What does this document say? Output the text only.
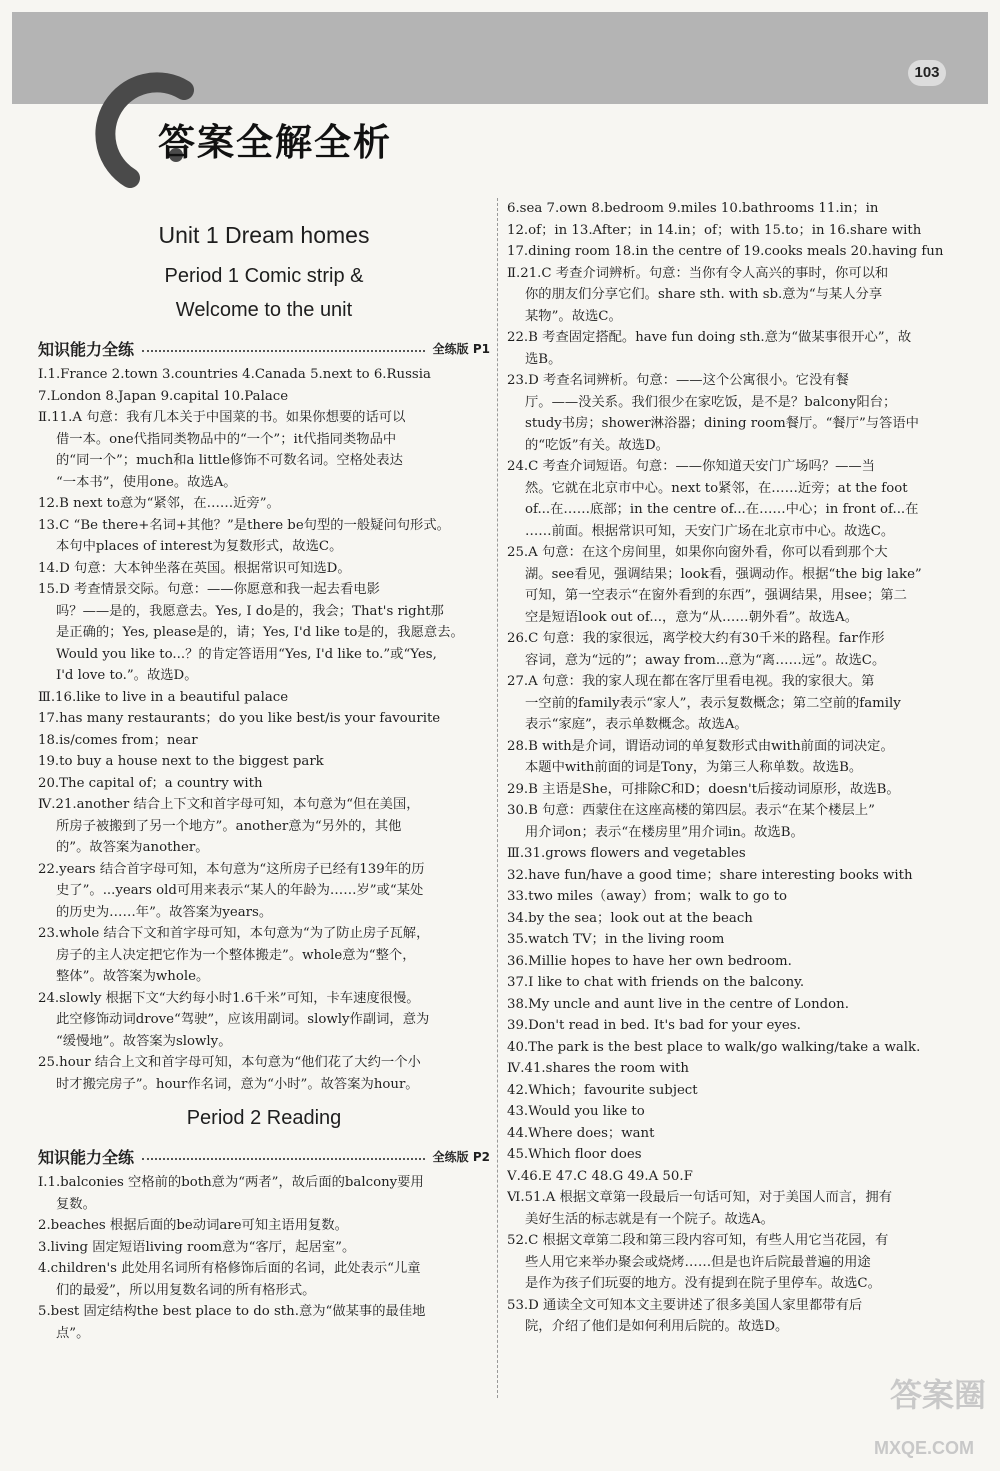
103
答案全解全析
Unit 1 Dream homes
Period 1 Comic strip &
Welcome to the unit
知识能力全练	全练版 P1
Ⅰ.1.France 2.town 3.countries 4.Canada 5.next to 6.Russia
7.London 8.Japan 9.capital 10.Palace
Ⅱ.11.A 句意：我有几本关于中国菜的书。如果你想要的话可以
借一本。one代指同类物品中的“一个”；it代指同类物品中
的“同一个”；much和a little修饰不可数名词。空格处表达
“一本书”，使用one。故选A。
12.B next to意为“紧邻，在……近旁”。
13.C “Be there+名词+其他？”是there be句型的一般疑问句形式。
本句中places of interest为复数形式，故选C。
14.D 句意：大本钟坐落在英国。根据常识可知选D。
15.D 考查情景交际。句意：——你愿意和我一起去看电影
吗？——是的，我愿意去。Yes, I do是的，我会；That's right那
是正确的；Yes, please是的，请；Yes, I'd like to是的，我愿意去。
Would you like to...？的肯定答语用“Yes, I'd like to.”或“Yes,
I'd love to.”。故选D。
Ⅲ.16.like to live in a beautiful palace
17.has many restaurants；do you like best/is your favourite
18.is/comes from；near
19.to buy a house next to the biggest park
20.The capital of；a country with
Ⅳ.21.another 结合上下文和首字母可知，本句意为“但在美国，
所房子被搬到了另一个地方”。another意为“另外的，其他
的”。故答案为another。
22.years 结合首字母可知，本句意为“这所房子已经有139年的历
史了”。...years old可用来表示“某人的年龄为……岁”或“某处
的历史为……年”。故答案为years。
23.whole 结合下文和首字母可知，本句意为“为了防止房子瓦解，
房子的主人决定把它作为一个整体搬走”。whole意为“整个，
整体”。故答案为whole。
24.slowly 根据下文“大约每小时1.6千米”可知，卡车速度很慢。
此空修饰动词drove“驾驶”，应该用副词。slowly作副词，意为
“缓慢地”。故答案为slowly。
25.hour 结合上文和首字母可知，本句意为“他们花了大约一个小
时才搬完房子”。hour作名词，意为“小时”。故答案为hour。
Period 2 Reading
知识能力全练	全练版 P2
Ⅰ.1.balconies 空格前的both意为“两者”，故后面的balcony要用
复数。
2.beaches 根据后面的be动词are可知主语用复数。
3.living 固定短语living room意为“客厅，起居室”。
4.children's 此处用名词所有格修饰后面的名词，此处表示“儿童
们的最爱”，所以用复数名词的所有格形式。
5.best 固定结构the best place to do sth.意为“做某事的最佳地
点”。
6.sea 7.own 8.bedroom 9.miles 10.bathrooms 11.in；in
12.of；in 13.After；in 14.in；of；with 15.to；in 16.share with
17.dining room 18.in the centre of 19.cooks meals 20.having fun
Ⅱ.21.C 考查介词辨析。句意：当你有令人高兴的事时，你可以和
你的朋友们分享它们。share sth. with sb.意为“与某人分享
某物”。故选C。
22.B 考查固定搭配。have fun doing sth.意为“做某事很开心”，故
选B。
23.D 考查名词辨析。句意：——这个公寓很小。它没有餐
厅。——没关系。我们很少在家吃饭，是不是？balcony阳台；
study书房；shower淋浴器；dining room餐厅。“餐厅”与答语中
的“吃饭”有关。故选D。
24.C 考查介词短语。句意：——你知道天安门广场吗？——当
然。它就在北京市中心。next to紧邻，在……近旁；at the foot
of...在……底部；in the centre of...在……中心；in front of...在
……前面。根据常识可知，天安门广场在北京市中心。故选C。
25.A 句意：在这个房间里，如果你向窗外看，你可以看到那个大
湖。see看见，强调结果；look看，强调动作。根据“the big lake”
可知，第一空表示“在窗外看到的东西”，强调结果，用see；第二
空是短语look out of...，意为“从……朝外看”。故选A。
26.C 句意：我的家很远，离学校大约有30千米的路程。far作形
容词，意为“远的”；away from...意为“离……远”。故选C。
27.A 句意：我的家人现在都在客厅里看电视。我的家很大。第
一空前的family表示“家人”，表示复数概念；第二空前的family
表示“家庭”，表示单数概念。故选A。
28.B with是介词，谓语动词的单复数形式由with前面的词决定。
本题中with前面的词是Tony，为第三人称单数。故选B。
29.B 主语是She，可排除C和D；doesn't后接动词原形，故选B。
30.B 句意：西蒙住在这座高楼的第四层。表示“在某个楼层上”
用介词on；表示“在楼房里”用介词in。故选B。
Ⅲ.31.grows flowers and vegetables
32.have fun/have a good time；share interesting books with
33.two miles（away）from；walk to go to
34.by the sea；look out at the beach
35.watch TV；in the living room
36.Millie hopes to have her own bedroom.
37.I like to chat with friends on the balcony.
38.My uncle and aunt live in the centre of London.
39.Don't read in bed. It's bad for your eyes.
40.The park is the best place to walk/go walking/take a walk.
Ⅳ.41.shares the room with
42.Which；favourite subject
43.Would you like to
44.Where does；want
45.Which floor does
Ⅴ.46.E 47.C 48.G 49.A 50.F
Ⅵ.51.A 根据文章第一段最后一句话可知，对于美国人而言，拥有
美好生活的标志就是有一个院子。故选A。
52.C 根据文章第二段和第三段内容可知，有些人用它当花园，有
些人用它来举办聚会或烧烤……但是也许后院最普遍的用途
是作为孩子们玩耍的地方。没有提到在院子里停车。故选C。
53.D 通读全文可知本文主要讲述了很多美国人家里都带有后
院，介绍了他们是如何利用后院的。故选D。
答案圈
MXQE.COM
